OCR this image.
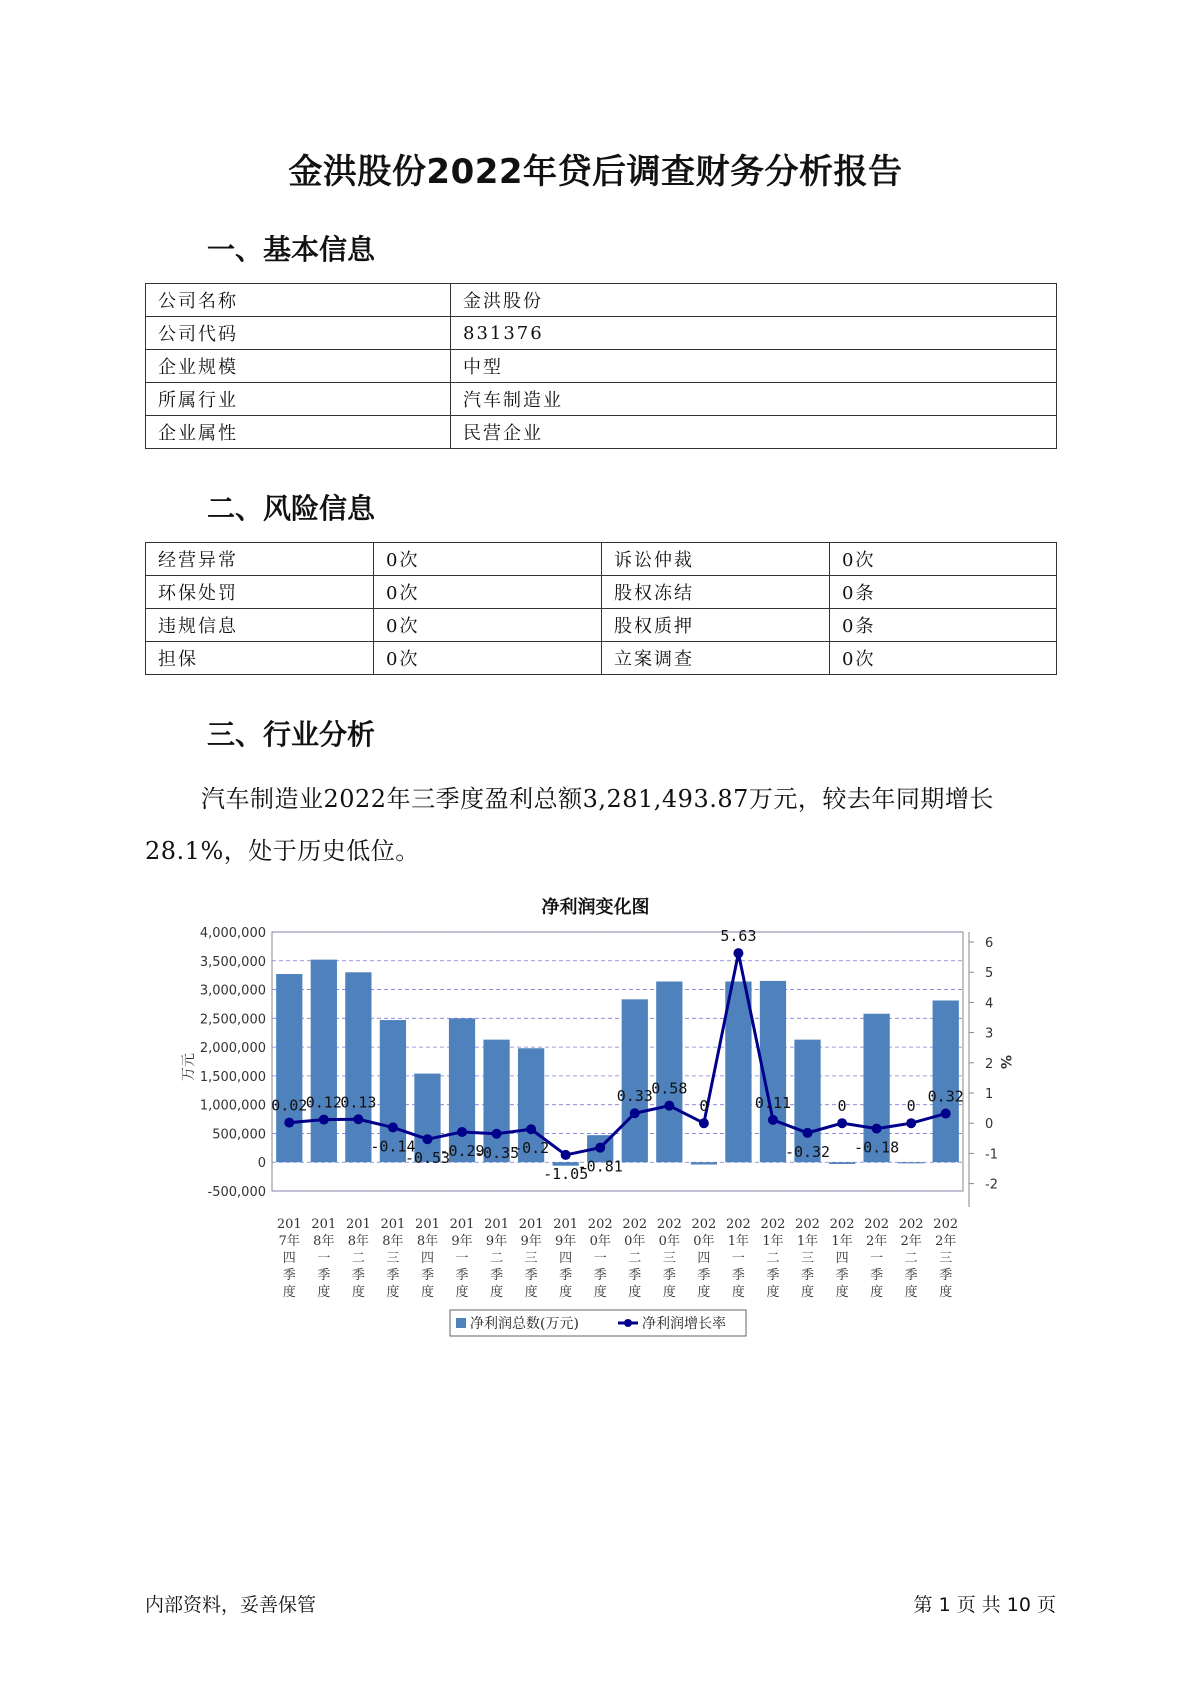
金洪股份2022年贷后调查财务分析报告
一、基本信息
公司名称	金洪股份
公司代码	831376
企业规模	中型
所属行业	汽车制造业
企业属性	民营企业
二、风险信息
经营异常	0次	诉讼仲裁	0次
环保处罚	0次	股权冻结	0条
违规信息	0次	股权质押	0条
担保	0次	立案调查	0次
三、行业分析
汽车制造业2022年三季度盈利总额3,281,493.87万元，较去年同期增长28.1%，处于历史低位。
净利润变化图
4,000,000
3,500,000
3,000,000
2,500,000
2,000,000
1,500,000
1,000,000
500,000
0
-500,000
6
5
4
3
2
1
0
-1
-2
万元	%
0.02
0.12
0.13
-0.14
-0.53
-0.29
-0.35
-0.2
-1.05
-0.81
0.33
0.58
0
5.63
0.11
-0.32
0
-0.18
0
0.32
201
7年
四
季
度
201
8年
一
季
度
201
8年
二
季
度
201
8年
三
季
度
201
8年
四
季
度
201
9年
一
季
度
201
9年
二
季
度
201
9年
三
季
度
201
9年
四
季
度
202
0年
一
季
度
202
0年
二
季
度
202
0年
三
季
度
202
0年
四
季
度
202
1年
一
季
度
202
1年
二
季
度
202
1年
三
季
度
202
1年
四
季
度
202
2年
一
季
度
202
2年
二
季
度
202
2年
三
季
度
净利润总数(万元)	净利润增长率
内部资料，妥善保管	第 1 页 共 10 页
